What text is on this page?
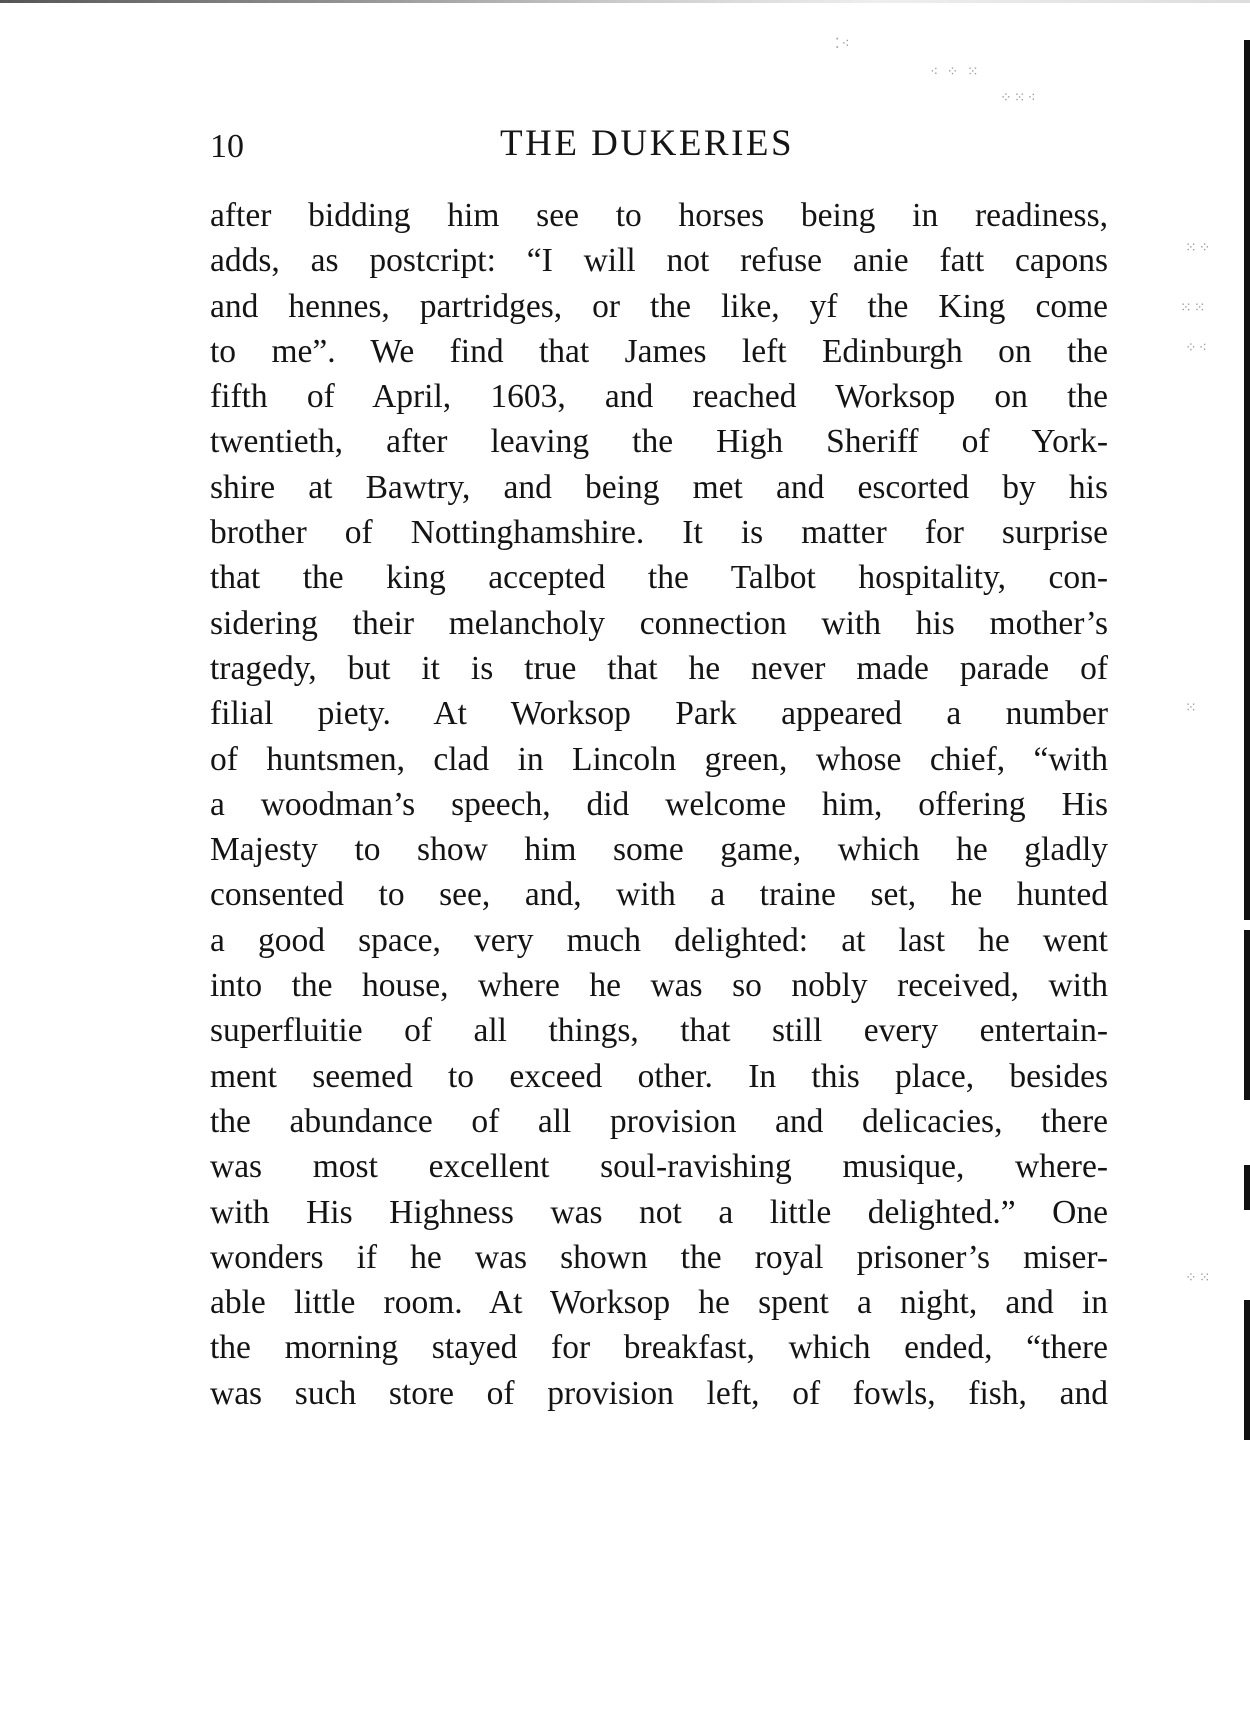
⁚⁖
⁖ ⁘ ⁙
⁘⁙⁖
⁙⁘
⁙⁙
⁘⁖
⁙
⁘⁙
10	THE DUKERIES
after bidding him see to horses being in readiness,
adds, as postcript: “I will not refuse anie fatt capons
and hennes, partridges, or the like, yf the King come
to me”. We find that James left Edinburgh on the
fifth of April, 1603, and reached Worksop on the
twentieth, after leaving the High Sheriff of York-
shire at Bawtry, and being met and escorted by his
brother of Nottinghamshire. It is matter for surprise
that the king accepted the Talbot hospitality, con-
sidering their melancholy connection with his mother’s
tragedy, but it is true that he never made parade of
filial piety. At Worksop Park appeared a number
of huntsmen, clad in Lincoln green, whose chief, “with
a woodman’s speech, did welcome him, offering His
Majesty to show him some game, which he gladly
consented to see, and, with a traine set, he hunted
a good space, very much delighted: at last he went
into the house, where he was so nobly received, with
superfluitie of all things, that still every entertain-
ment seemed to exceed other. In this place, besides
the abundance of all provision and delicacies, there
was most excellent soul-ravishing musique, where-
with His Highness was not a little delighted.” One
wonders if he was shown the royal prisoner’s miser-
able little room. At Worksop he spent a night, and in
the morning stayed for breakfast, which ended, “there
was such store of provision left, of fowls, fish, and
